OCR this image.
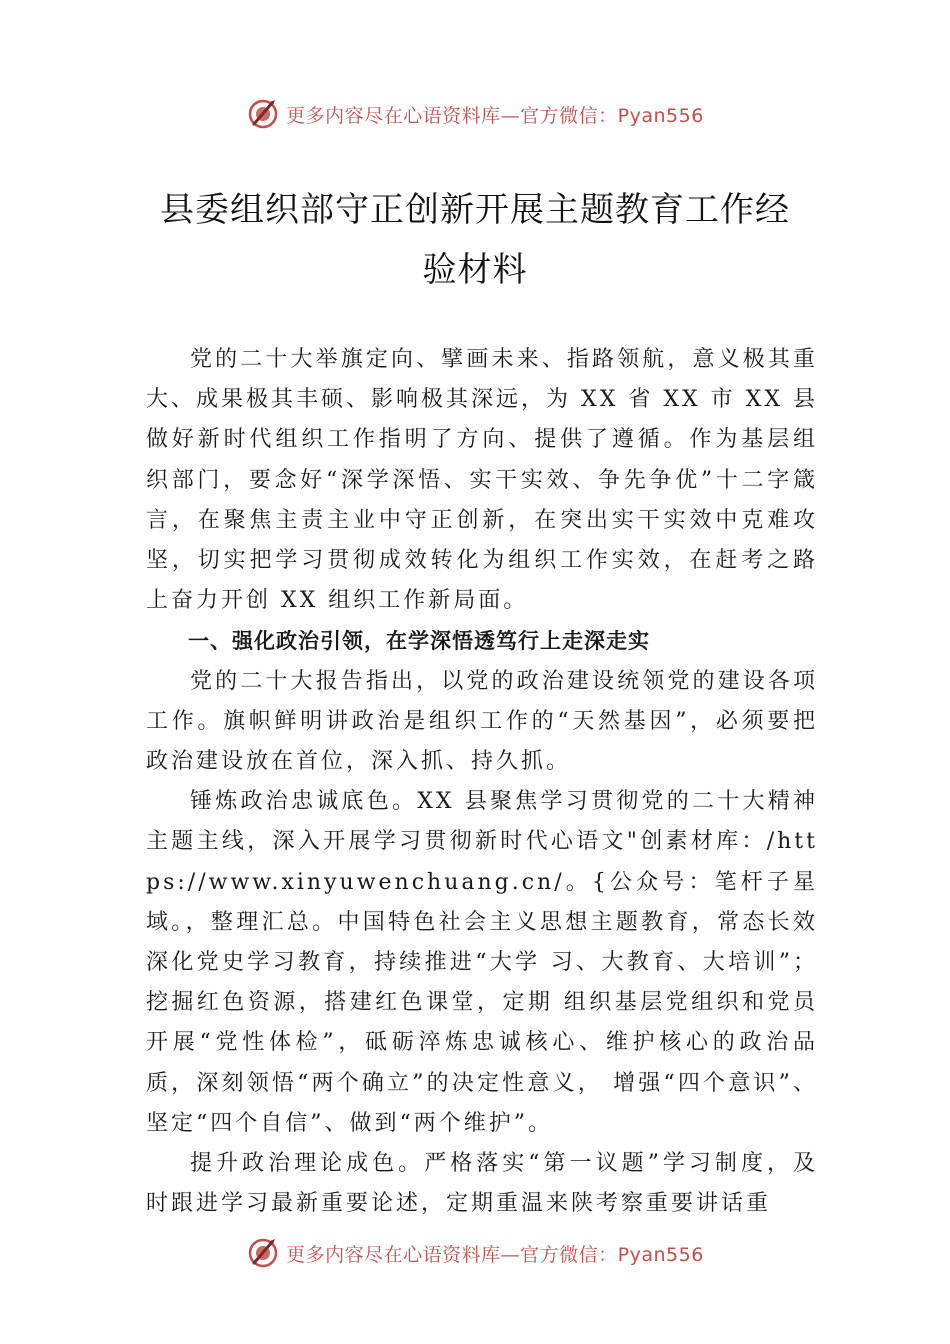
更多内容尽在心语资料库—官方微信：Pyan556
县委组织部守正创新开展主题教育工作经
验材料

党的二十大举旗定向、擘画未来、指路领航，意义极其重大、成果极其丰硕、影响极其深远，为 XX 省 XX 市 XX 县做好新时代组织工作指明了方向、提供了遵循。作为基层组织部门，要念好“深学深悟、实干实效、争先争优”十二字箴言，在聚焦主责主业中守正创新，在突出实干实效中克难攻坚，切实把学习贯彻成效转化为组织工作实效，在赶考之路上奋力开创 XX 组织工作新局面。

一、强化政治引领，在学深悟透笃行上走深走实

党的二十大报告指出，以党的政治建设统领党的建设各项工作。旗帜鲜明讲政治是组织工作的“天然基因”，必须要把政治建设放在首位，深入抓、持久抓。

锤炼政治忠诚底色。XX 县聚焦学习贯彻党的二十大精神主题主线，深入开展学习贯彻新时代心语文"创素材库：/https://www.xinyuwenchuang.cn/。{公众号：笔杆子星域。，整理汇总。中国特色社会主义思想主题教育，常态长效深化党史学习教育，持续推进“大学 习、大教育、大培训”；挖掘红色资源，搭建红色课堂，定期 组织基层党组织和党员开展“党性体检”，砥砺淬炼忠诚核心、维护核心的政治品质，深刻领悟“两个确立”的决定性意义， 增强“四个意识”、坚定“四个自信”、做到“两个维护”。

提升政治理论成色。严格落实“第一议题”学习制度，及时跟进学习最新重要论述，定期重温来陕考察重要讲话重

更多内容尽在心语资料库—官方微信：Pyan556
